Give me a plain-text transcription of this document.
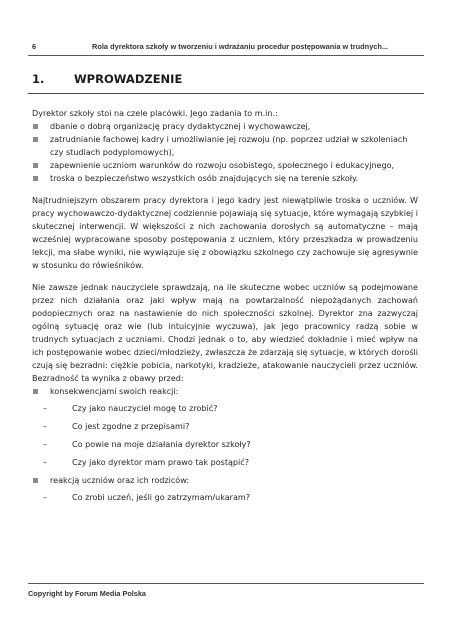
6	Rola dyrektora szkoły w tworzeniu i wdrażaniu procedur postępowania w trudnych...
1.	WPROWADZENIE

Dyrektor szkoły stoi na czele placówki. Jego zadania to m.in.:

dbanie o dobrą organizację pracy dydaktycznej i wychowawczej,
zatrudnianie fachowej kadry i umożliwianie jej rozwoju (np. poprzez udział w szkoleniach czy studiach podyplomowych),
zapewnienie uczniom warunków do rozwoju osobistego, społecznego i edukacyjnego,
troska o bezpieczeństwo wszystkich osób znajdujących się na terenie szkoły.

Najtrudniejszym obszarem pracy dyrektora i jego kadry jest niewątpliwie troska o uczniów. W pracy wychowawczo-dydaktycznej codziennie pojawiają się sytuacje, które wymagają szybkiej i skutecznej interwencji. W większości z nich zachowania dorosłych są automatyczne – mają wcześniej wypracowane sposoby postępowania z uczniem, który przeszkadza w prowadzeniu lekcji, ma słabe wyniki, nie wywiązuje się z obowiązku szkolnego czy zachowuje się agresywnie w stosunku do rówieśników.

Nie zawsze jednak nauczyciele sprawdzają, na ile skuteczne wobec uczniów są podejmowane przez nich działania oraz jaki wpływ mają na powtarzalność niepożądanych zachowań podopiecznych oraz na nastawienie do nich społeczności szkolnej. Dyrektor zna zazwyczaj ogólną sytuację oraz wie (lub intuicyjnie wyczuwa), jak jego pracownicy radzą sobie w trudnych sytuacjach z uczniami. Chodzi jednak o to, aby wiedzieć dokładnie i mieć wpływ na ich postępowanie wobec dzieci/młodzieży, zwłaszcza że zdarzają się sytuacje, w których dorośli czują się bezradni: ciężkie pobicia, narkotyki, kradzieże, atakowanie nauczycieli przez uczniów. Bezradność ta wynika z obawy przed:

konsekwencjami swoich reakcji:
–	Czy jako nauczyciel mogę to zrobić?
–	Co jest zgodne z przepisami?
–	Co powie na moje działania dyrektor szkoły?
–	Czy jako dyrektor mam prawo tak postąpić?
reakcją uczniów oraz ich rodziców:
–	Co zrobi uczeń, jeśli go zatrzymam/ukaram?
Copyright by Forum Media Polska
